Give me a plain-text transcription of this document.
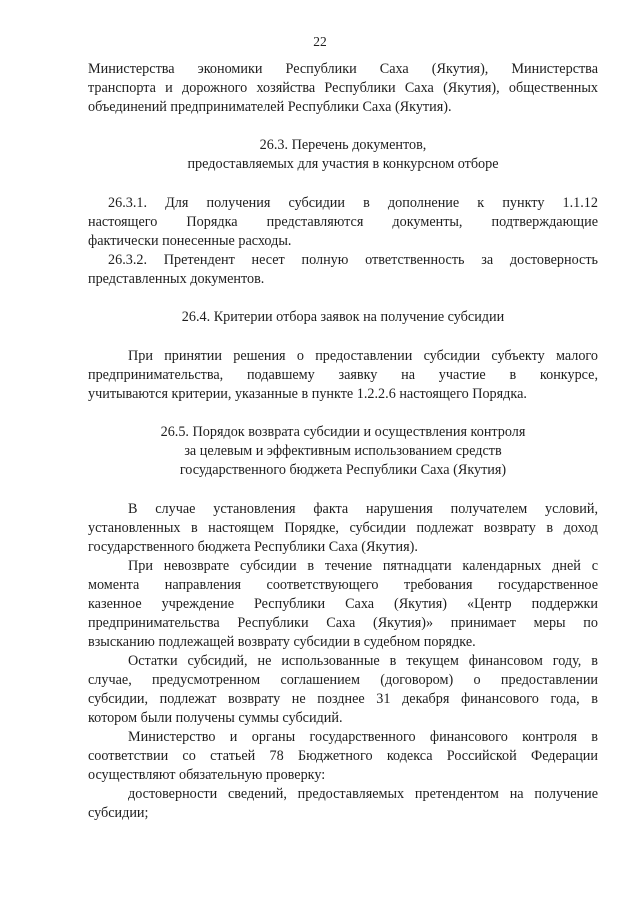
22

Министерства экономики Республики Саха (Якутия), Министерства

транспорта и дорожного хозяйства Республики Саха (Якутия), общественных

объединений предпринимателей Республики Саха (Якутия).

26.3. Перечень документов,

предоставляемых для участия в конкурсном отборе

26.3.1. Для получения субсидии в дополнение к пункту 1.1.12

настоящего Порядка представляются документы, подтверждающие

фактически понесенные расходы.

26.3.2. Претендент несет полную ответственность за достоверность

представленных документов.

26.4. Критерии отбора заявок на получение субсидии

При принятии решения о предоставлении субсидии субъекту малого

предпринимательства, подавшему заявку на участие в конкурсе,

учитываются критерии, указанные в пункте 1.2.2.6 настоящего Порядка.

26.5. Порядок возврата субсидии и осуществления контроля

за целевым и эффективным использованием средств

государственного бюджета Республики Саха (Якутия)

В случае установления факта нарушения получателем условий,

установленных в настоящем Порядке, субсидии подлежат возврату в доход

государственного бюджета Республики Саха (Якутия).

При невозврате субсидии в течение пятнадцати календарных дней с

момента направления соответствующего требования государственное

казенное учреждение Республики Саха (Якутия) «Центр поддержки

предпринимательства Республики Саха (Якутия)» принимает меры по

взысканию подлежащей возврату субсидии в судебном порядке.

Остатки субсидий, не использованные в текущем финансовом году, в

случае, предусмотренном соглашением (договором) о предоставлении

субсидии, подлежат возврату не позднее 31 декабря финансового года, в

котором были получены суммы субсидий.

Министерство и органы государственного финансового контроля в

соответствии со статьей 78 Бюджетного кодекса Российской Федерации

осуществляют обязательную проверку:

достоверности сведений, предоставляемых претендентом на получение

субсидии;
